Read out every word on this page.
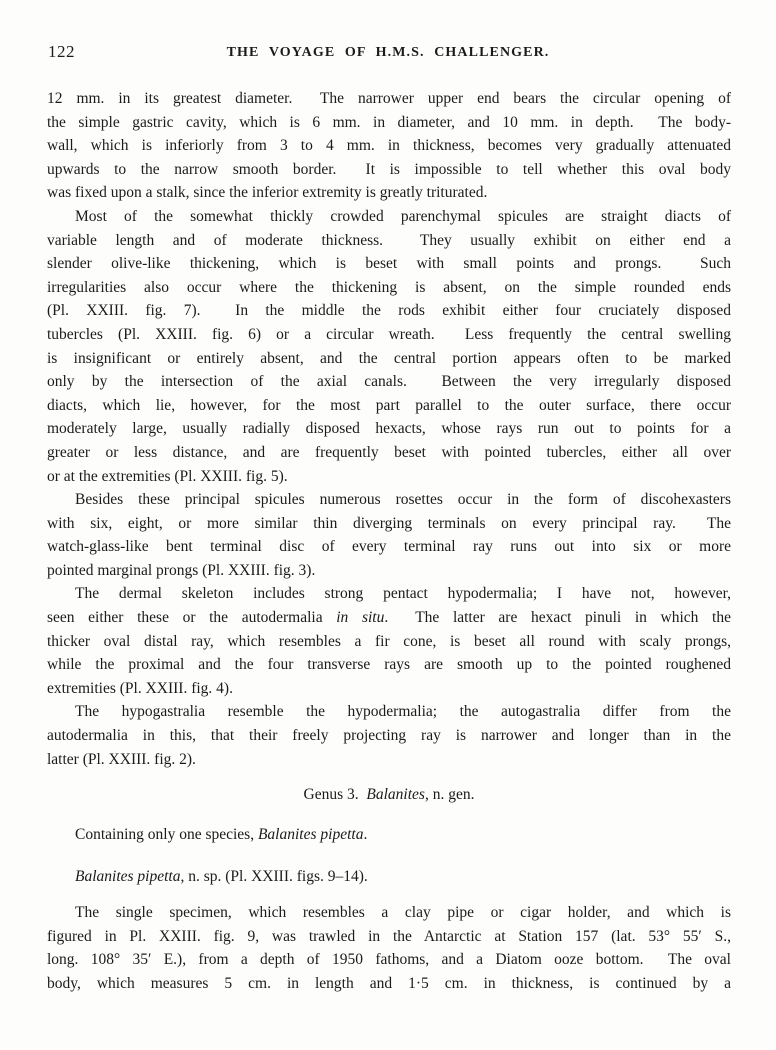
122	THE VOYAGE OF H.M.S. CHALLENGER.
12 mm. in its greatest diameter.  The narrower upper end bears the circular opening of
the simple gastric cavity, which is 6 mm. in diameter, and 10 mm. in depth.  The body-
wall, which is inferiorly from 3 to 4 mm. in thickness, becomes very gradually attenuated
upwards to the narrow smooth border.  It is impossible to tell whether this oval body
was fixed upon a stalk, since the inferior extremity is greatly triturated.
Most of the somewhat thickly crowded parenchymal spicules are straight diacts of
variable length and of moderate thickness.  They usually exhibit on either end a
slender olive-like thickening, which is beset with small points and prongs.  Such
irregularities also occur where the thickening is absent, on the simple rounded ends
(Pl. XXIII. fig. 7).  In the middle the rods exhibit either four cruciately disposed
tubercles (Pl. XXIII. fig. 6) or a circular wreath.  Less frequently the central swelling
is insignificant or entirely absent, and the central portion appears often to be marked
only by the intersection of the axial canals.  Between the very irregularly disposed
diacts, which lie, however, for the most part parallel to the outer surface, there occur
moderately large, usually radially disposed hexacts, whose rays run out to points for a
greater or less distance, and are frequently beset with pointed tubercles, either all over
or at the extremities (Pl. XXIII. fig. 5).
Besides these principal spicules numerous rosettes occur in the form of discohexasters
with six, eight, or more similar thin diverging terminals on every principal ray.  The
watch-glass-like bent terminal disc of every terminal ray runs out into six or more
pointed marginal prongs (Pl. XXIII. fig. 3).
The dermal skeleton includes strong pentact hypodermalia; I have not, however,
seen either these or the autodermalia in situ.  The latter are hexact pinuli in which the
thicker oval distal ray, which resembles a fir cone, is beset all round with scaly prongs,
while the proximal and the four transverse rays are smooth up to the pointed roughened
extremities (Pl. XXIII. fig. 4).
The hypogastralia resemble the hypodermalia; the autogastralia differ from the
autodermalia in this, that their freely projecting ray is narrower and longer than in the
latter (Pl. XXIII. fig. 2).
Genus 3.  Balanites, n. gen.
Containing only one species, Balanites pipetta.
Balanites pipetta, n. sp. (Pl. XXIII. figs. 9–14).
The single specimen, which resembles a clay pipe or cigar holder, and which is
figured in Pl. XXIII. fig. 9, was trawled in the Antarctic at Station 157 (lat. 53° 55′ S.,
long. 108° 35′ E.), from a depth of 1950 fathoms, and a Diatom ooze bottom.  The oval
body, which measures 5 cm. in length and 1·5 cm. in thickness, is continued by a
